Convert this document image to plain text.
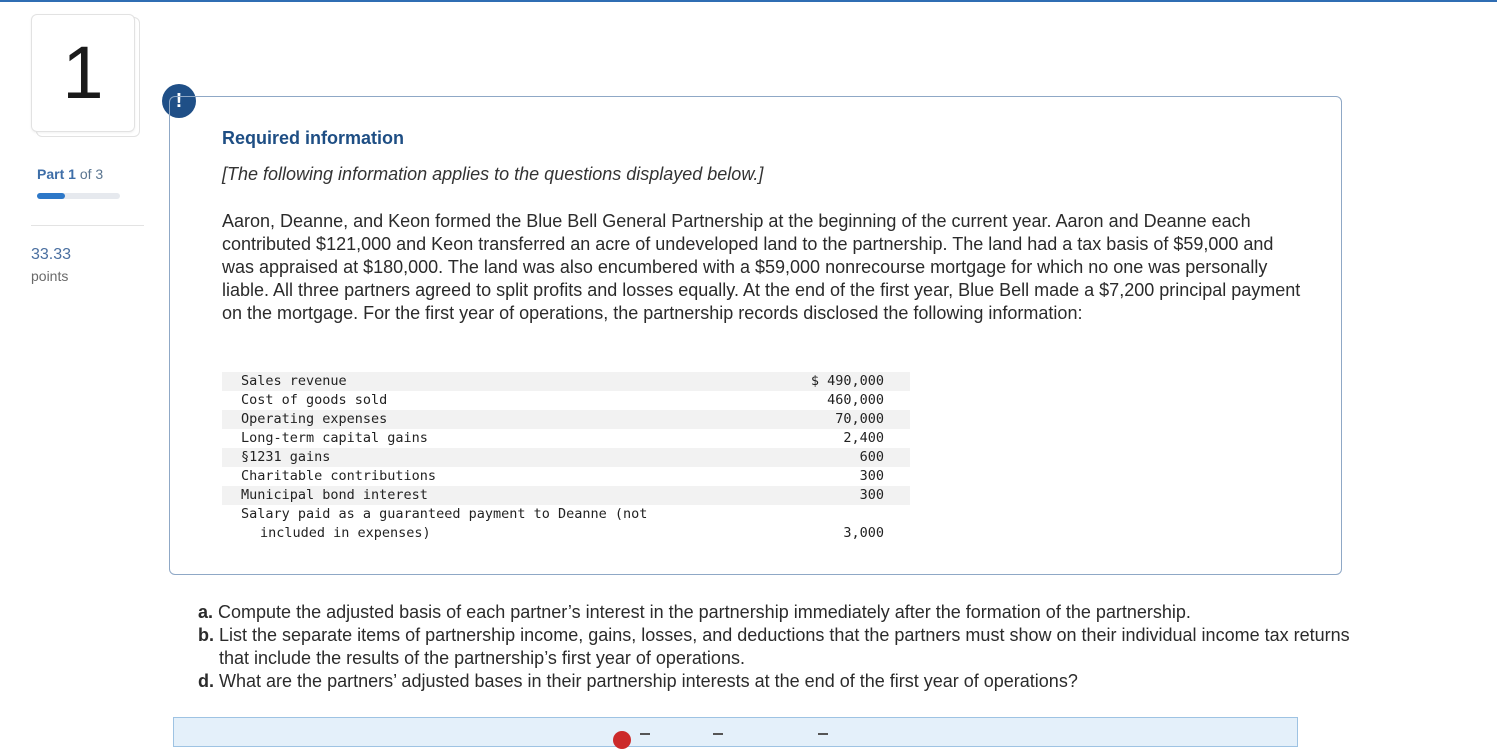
1
Part 1 of 3
33.33
points
!
Required information
[The following information applies to the questions displayed below.]
Aaron, Deanne, and Keon formed the Blue Bell General Partnership at the beginning of the current year. Aaron and Deanne each contributed $121,000 and Keon transferred an acre of undeveloped land to the partnership. The land had a tax basis of $59,000 and was appraised at $180,000. The land was also encumbered with a $59,000 nonrecourse mortgage for which no one was personally liable. All three partners agreed to split profits and losses equally. At the end of the first year, Blue Bell made a $7,200 principal payment on the mortgage. For the first year of operations, the partnership records disclosed the following information:
Sales revenue	$ 490,000
Cost of goods sold	460,000
Operating expenses	70,000
Long-term capital gains	2,400
§1231 gains	600
Charitable contributions	300
Municipal bond interest	300
Salary paid as a guaranteed payment to Deanne (not
included in expenses)	3,000
a. Compute the adjusted basis of each partner’s interest in the partnership immediately after the formation of the partnership.
b. List the separate items of partnership income, gains, losses, and deductions that the partners must show on their individual income tax returns that include the results of the partnership’s first year of operations.
d. What are the partners’ adjusted bases in their partnership interests at the end of the first year of operations?
